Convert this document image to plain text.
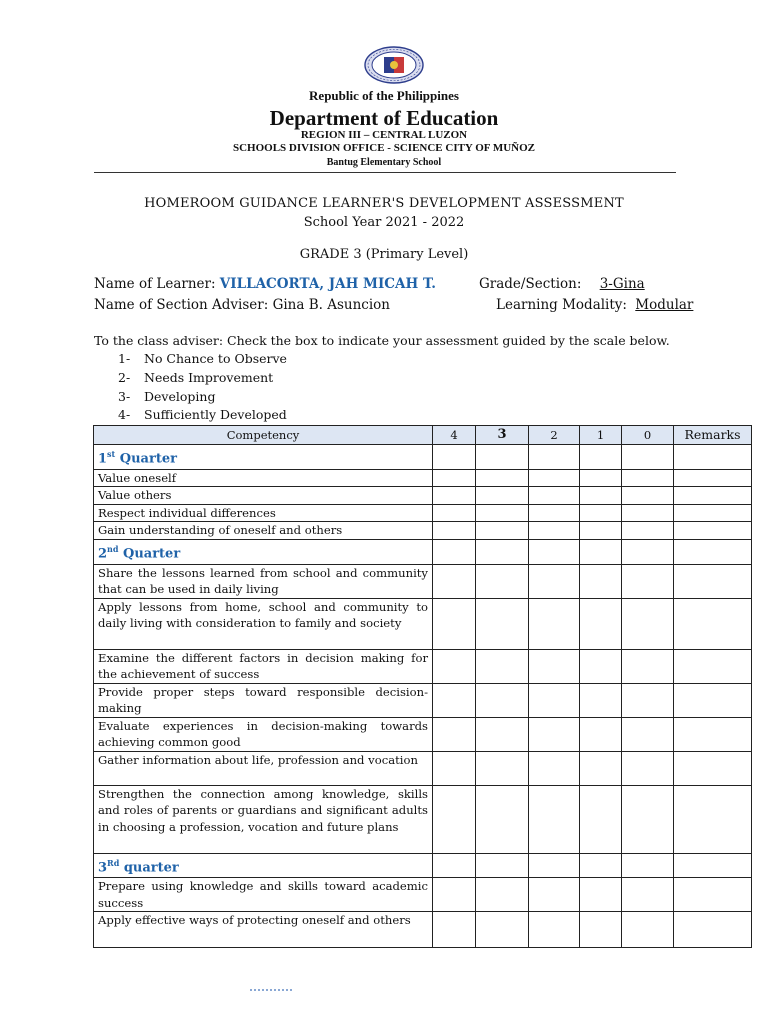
Republic of the Philippines
Department of Education
REGION III – CENTRAL LUZON
SCHOOLS DIVISION OFFICE - SCIENCE CITY OF MUÑOZ
Bantug Elementary School
HOMEROOM GUIDANCE LEARNER'S DEVELOPMENT ASSESSMENT
School Year 2021 - 2022
GRADE 3 (Primary Level)
Name of Learner: VILLACORTA, JAH MICAH T.	Grade/Section: 3-Gina
Name of Section Adviser: Gina B. Asuncion	Learning Modality: Modular
To the class adviser: Check the box to indicate your assessment guided by the scale below.
1- No Chance to Observe
2- Needs Improvement
3- Developing
4- Sufficiently Developed
Competency	4	3	2	1	0	Remarks
1st Quarter						
Value oneself						
Value others						
Respect individual differences						
Gain understanding of oneself and others						
2nd Quarter						
Share the lessons learned from school and community that can be used in daily living						
Apply lessons from home, school and community to daily living with consideration to family and society						
Examine the different factors in decision making for the achievement of success						
Provide proper steps toward responsible decision-making						
Evaluate experiences in decision-making towards achieving common good						
Gather information about life, profession and vocation						
Strengthen the connection among knowledge, skills and roles of parents or guardians and significant adults in choosing a profession, vocation and future plans						
3Rd quarter						
Prepare using knowledge and skills toward academic success						
Apply effective ways of protecting oneself and others						
